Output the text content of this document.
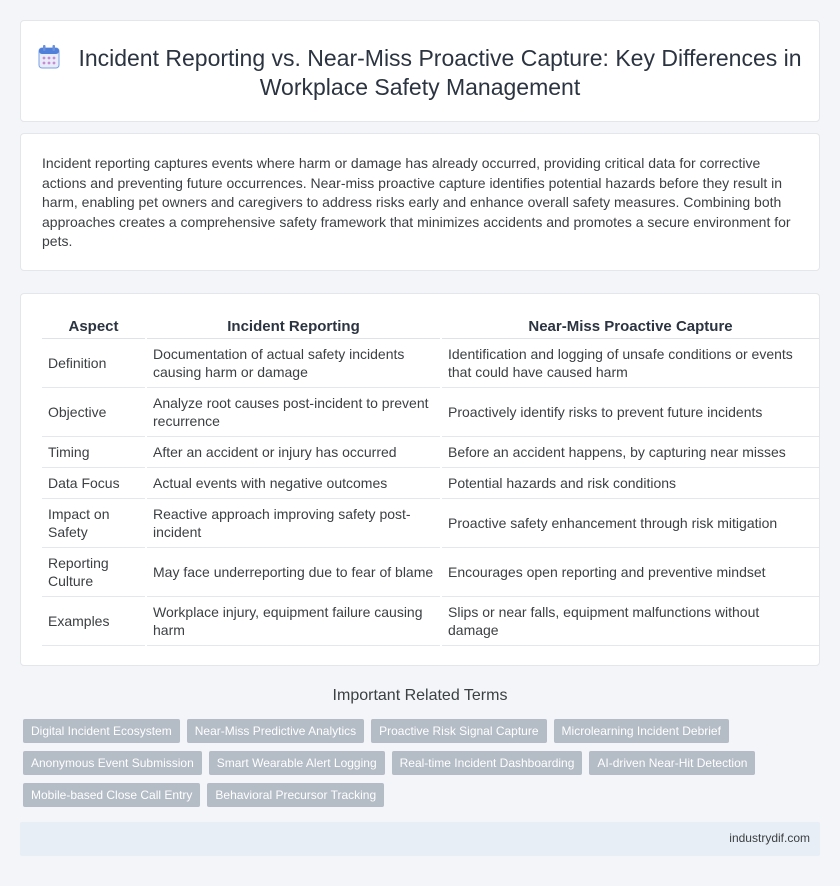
Incident Reporting vs. Near-Miss Proactive Capture: Key Differences in Workplace Safety Management

Incident reporting captures events where harm or damage has already occurred, providing critical data for corrective actions and preventing future occurrences. Near-miss proactive capture identifies potential hazards before they result in harm, enabling pet owners and caregivers to address risks early and enhance overall safety measures. Combining both approaches creates a comprehensive safety framework that minimizes accidents and promotes a secure environment for pets.

Aspect	Incident Reporting	Near-Miss Proactive Capture
Definition	Documentation of actual safety incidents causing harm or damage	Identification and logging of unsafe conditions or events that could have caused harm
Objective	Analyze root causes post-incident to prevent recurrence	Proactively identify risks to prevent future incidents
Timing	After an accident or injury has occurred	Before an accident happens, by capturing near misses
Data Focus	Actual events with negative outcomes	Potential hazards and risk conditions
Impact on Safety	Reactive approach improving safety post-incident	Proactive safety enhancement through risk mitigation
Reporting Culture	May face underreporting due to fear of blame	Encourages open reporting and preventive mindset
Examples	Workplace injury, equipment failure causing harm	Slips or near falls, equipment malfunctions without damage
Important Related Terms
Digital Incident Ecosystem	Near-Miss Predictive Analytics	Proactive Risk Signal Capture	Microlearning Incident Debrief
Anonymous Event Submission	Smart Wearable Alert Logging	Real-time Incident Dashboarding	AI-driven Near-Hit Detection
Mobile-based Close Call Entry	Behavioral Precursor Tracking
industrydif.com
